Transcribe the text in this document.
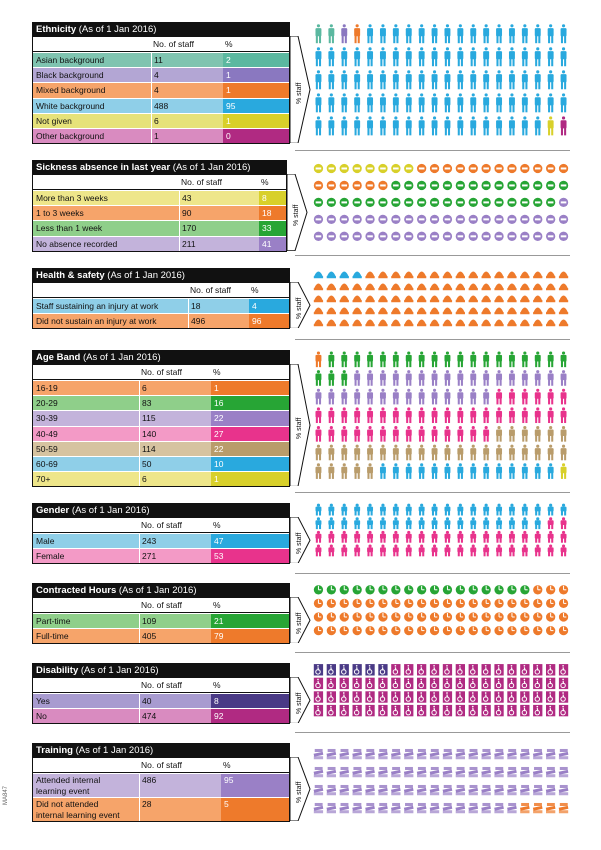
Ethnicity (As of 1 Jan 2016)
No. of staff	%
Asian background	11	2
Black background	4	1
Mixed background	4	1
White background	488	95
Not given	6	1
Other background	1	0
% staff
Sickness absence in last year (As of 1 Jan 2016)
No. of staff	%
More than 3 weeks	43	8
1 to 3 weeks	90	18
Less than 1 week	170	33
No absence recorded	211	41
% staff
Health & safety (As of 1 Jan 2016)
No. of staff %
Staff sustaining an injury at work	18	4
Did not sustain an injury at work	496	96
% staff
Age Band (As of 1 Jan 2016)
No. of staff	%
16-19	6	1
20-29	83	16
30-39	115	22
40-49	140	27
50-59	114	22
60-69	50	10
70+	6	1
% staff
Gender (As of 1 Jan 2016)
No. of staff	%
Male	243	47
Female	271	53
% staff
Contracted Hours (As of 1 Jan 2016)
No. of staff	%
Part-time	109	21
Full-time	405	79
% staff
Disability (As of 1 Jan 2016)
No. of staff	%
Yes	40	8
No	474	92
% staff
Training (As of 1 Jan 2016)
No. of staff	%
Attended internal
learning event
486	95
Did not attended
internal learning event
28	5
% staff
MA847
